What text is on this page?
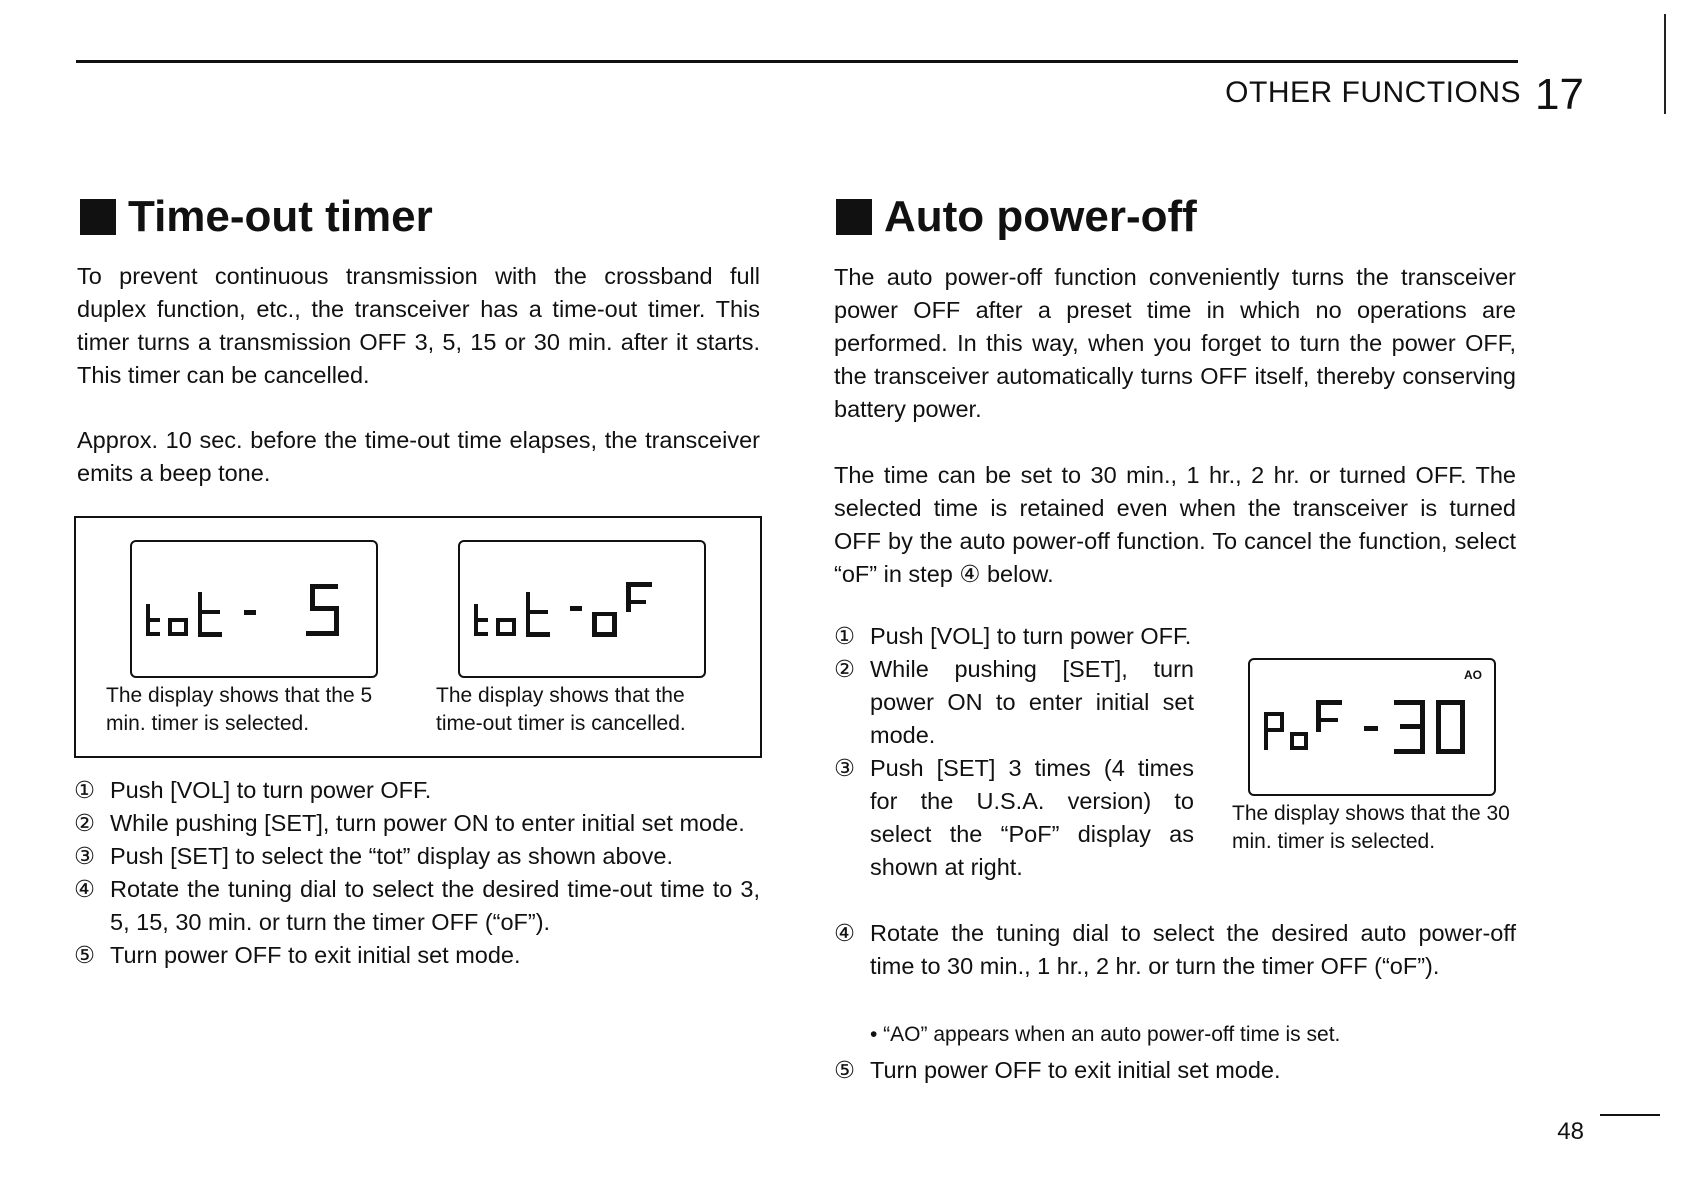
OTHER FUNCTIONS 17
Time-out timer
To prevent continuous transmission with the crossband full duplex function, etc., the transceiver has a time-out timer. This timer turns a transmission OFF 3, 5, 15 or 30 min. after it starts. This timer can be cancelled.
Approx. 10 sec. before the time-out time elapses, the transceiver emits a beep tone.
The display shows that the 5 min. timer is selected.
The display shows that the time-out timer is cancelled.
① Push [VOL] to turn power OFF.
② While pushing [SET], turn power ON to enter initial set mode.
③ Push [SET] to select the “tot” display as shown above.
④ Rotate the tuning dial to select the desired time-out time to 3, 5, 15, 30 min. or turn the timer OFF (“oF”).
⑤ Turn power OFF to exit initial set mode.
Auto power-off
The auto power-off function conveniently turns the transceiver power OFF after a preset time in which no operations are performed. In this way, when you forget to turn the power OFF, the transceiver automatically turns OFF itself, thereby conserving battery power.
The time can be set to 30 min., 1 hr., 2 hr. or turned OFF. The selected time is retained even when the transceiver is turned OFF by the auto power-off function. To cancel the function, select “oF” in step ④ below.
① Push [VOL] to turn power OFF.
② While pushing [SET], turn power ON to enter initial set mode.
③ Push [SET] 3 times (4 times for the U.S.A. version) to select the “PoF” display as shown at right.
AO
The display shows that the 30 min. timer is selected.
④ Rotate the tuning dial to select the desired auto power-off time to 30 min., 1 hr., 2 hr. or turn the timer OFF (“oF”).
• “AO” appears when an auto power-off time is set.
⑤ Turn power OFF to exit initial set mode.
48
